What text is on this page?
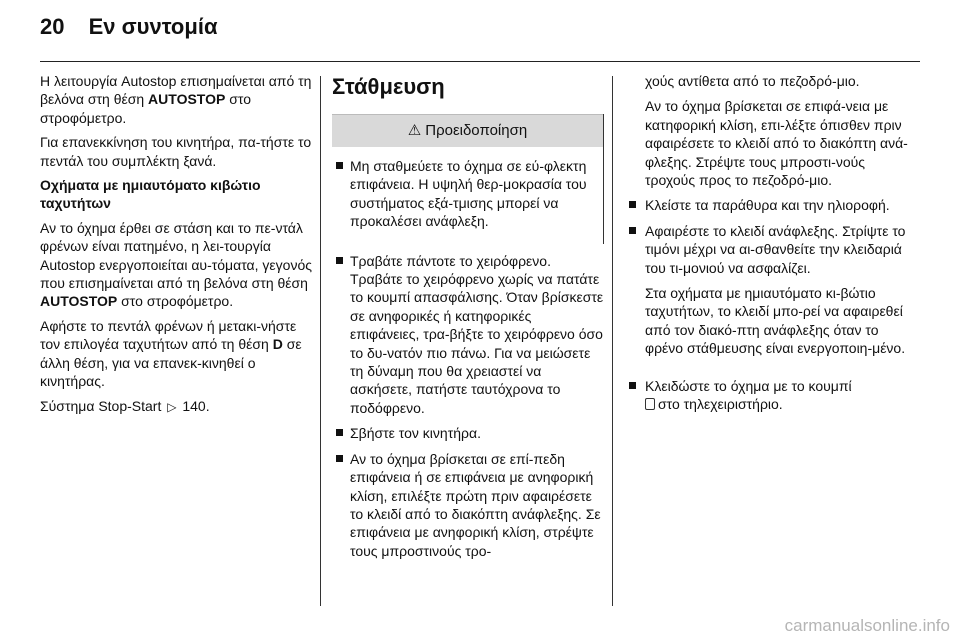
20 Εν συντομία

Η λειτουργία Autostop επισημαίνεται από τη βελόνα στη θέση AUTOSTOP στο στροφόμετρο.

Για επανεκκίνηση του κινητήρα, πα-τήστε το πεντάλ του συμπλέκτη ξανά.

Οχήματα με ημιαυτόματο κιβώτιο ταχυτήτων

Αν το όχημα έρθει σε στάση και το πε-ντάλ φρένων είναι πατημένο, η λει-τουργία Autostop ενεργοποιείται αυ-τόματα, γεγονός που επισημαίνεται από τη βελόνα στη θέση AUTOSTOP στο στροφόμετρο.

Αφήστε το πεντάλ φρένων ή μετακι-νήστε τον επιλογέα ταχυτήτων από τη θέση D σε άλλη θέση, για να επανεκ-κινηθεί ο κινητήρας.

Σύστημα Stop-Start ▷ 140.

Στάθμευση
⚠ Προειδοποίηση
Μη σταθμεύετε το όχημα σε εύ-φλεκτη επιφάνεια. Η υψηλή θερ-μοκρασία του συστήματος εξά-τμισης μπορεί να προκαλέσει ανάφλεξη.
Τραβάτε πάντοτε το χειρόφρενο. Τραβάτε το χειρόφρενο χωρίς να πατάτε το κουμπί απασφάλισης. Όταν βρίσκεστε σε ανηφορικές ή κατηφορικές επιφάνειες, τρα-βήξτε το χειρόφρενο όσο το δυ-νατόν πιο πάνω. Για να μειώσετε τη δύναμη που θα χρειαστεί να ασκήσετε, πατήστε ταυτόχρονα το ποδόφρενο.
Σβήστε τον κινητήρα.
Αν το όχημα βρίσκεται σε επί-πεδη επιφάνεια ή σε επιφάνεια με ανηφορική κλίση, επιλέξτε πρώτη πριν αφαιρέσετε το κλειδί από το διακόπτη ανάφλεξης. Σε επιφάνεια με ανηφορική κλίση, στρέψτε τους μπροστινούς τρο-
χούς αντίθετα από το πεζοδρό-μιο.
Αν το όχημα βρίσκεται σε επιφά-νεια με κατηφορική κλίση, επι-λέξτε όπισθεν πριν αφαιρέσετε το κλειδί από το διακόπτη ανά-φλεξης. Στρέψτε τους μπροστι-νούς τροχούς προς το πεζοδρό-μιο.
Κλείστε τα παράθυρα και την ηλιοροφή.
Αφαιρέστε το κλειδί ανάφλεξης. Στρίψτε το τιμόνι μέχρι να αι-σθανθείτε την κλειδαριά του τι-μονιού να ασφαλίζει.
Στα οχήματα με ημιαυτόματο κι-βώτιο ταχυτήτων, το κλειδί μπο-ρεί να αφαιρεθεί από τον διακό-πτη ανάφλεξης όταν το φρένο στάθμευσης είναι ενεργοποιη-μένο.
Κλειδώστε το όχημα με το κουμπί
στο τηλεχειριστήριο.
carmanualsonline.info
